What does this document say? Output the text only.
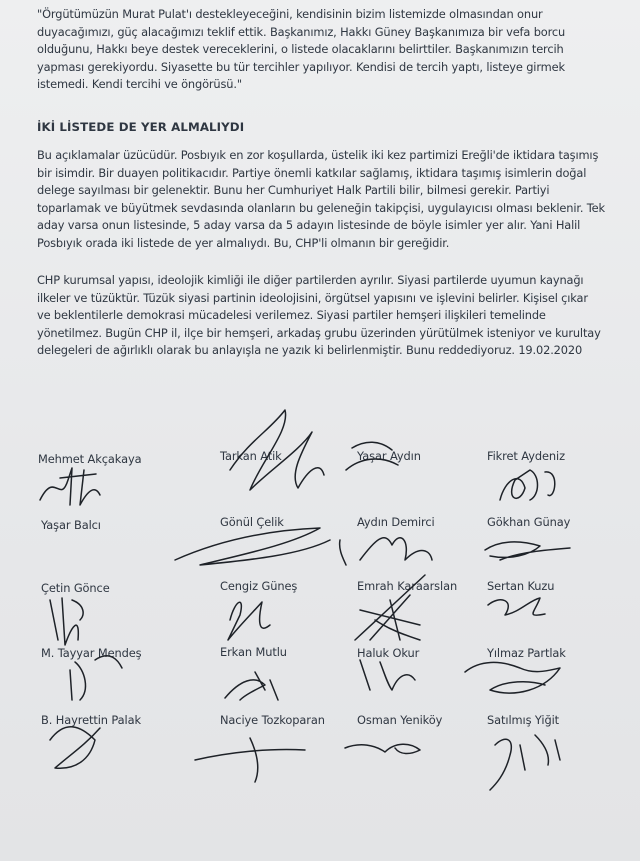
"Örgütümüzün Murat Pulat'ı destekleyeceğini, kendisinin bizim listemizde olmasından onur
duyacağımızı, güç alacağımızı teklif ettik. Başkanımız, Hakkı Güney Başkanımıza bir vefa borcu
olduğunu, Hakkı beye destek vereceklerini, o listede olacaklarını belirttiler. Başkanımızın tercih
yapması gerekiyordu. Siyasette bu tür tercihler yapılıyor. Kendisi de tercih yaptı, listeye girmek
istemedi. Kendi tercihi ve öngörüsü."

İKİ LİSTEDE DE YER ALMALIYDI

Bu açıklamalar üzücüdür. Posbıyık en zor koşullarda, üstelik iki kez partimizi Ereğli'de iktidara taşımış
bir isimdir. Bir duayen politikacıdır. Partiye önemli katkılar sağlamış, iktidara taşımış isimlerin doğal
delege sayılması bir gelenektir. Bunu her Cumhuriyet Halk Partili bilir, bilmesi gerekir. Partiyi
toparlamak ve büyütmek sevdasında olanların bu geleneğin takipçisi, uygulayıcısı olması beklenir. Tek
aday varsa onun listesinde, 5 aday varsa da 5 adayın listesinde de böyle isimler yer alır. Yani Halil
Posbıyık orada iki listede de yer almalıydı. Bu, CHP'li olmanın bir gereğidir.

CHP kurumsal yapısı, ideolojik kimliği ile diğer partilerden ayrılır. Siyasi partilerde uyumun kaynağı
ilkeler ve tüzüktür. Tüzük siyasi partinin ideolojisini, örgütsel yapısını ve işlevini belirler. Kişisel çıkar
ve beklentilerle demokrasi mücadelesi verilemez. Siyasi partiler hemşeri ilişkileri temelinde
yönetilmez. Bugün CHP il, ilçe bir hemşeri, arkadaş grubu üzerinden yürütülmek isteniyor ve kurultay
delegeleri de ağırlıklı olarak bu anlayışla ne yazık ki belirlenmiştir. Bunu reddediyoruz. 19.02.2020

Mehmet Akçakaya	Tarkan Atik	Yaşar Aydın	Fikret Aydeniz
Yaşar Balcı	Gönül Çelik	Aydın Demirci	Gökhan Günay
Çetin Gönce	Cengiz Güneş	Emrah Karaarslan	Sertan Kuzu
M. Tayyar Mendeş	Erkan Mutlu	Haluk Okur	Yılmaz Partlak
B. Hayrettin Palak	Naciye Tozkoparan	Osman Yeniköy	Satılmış Yiğit
